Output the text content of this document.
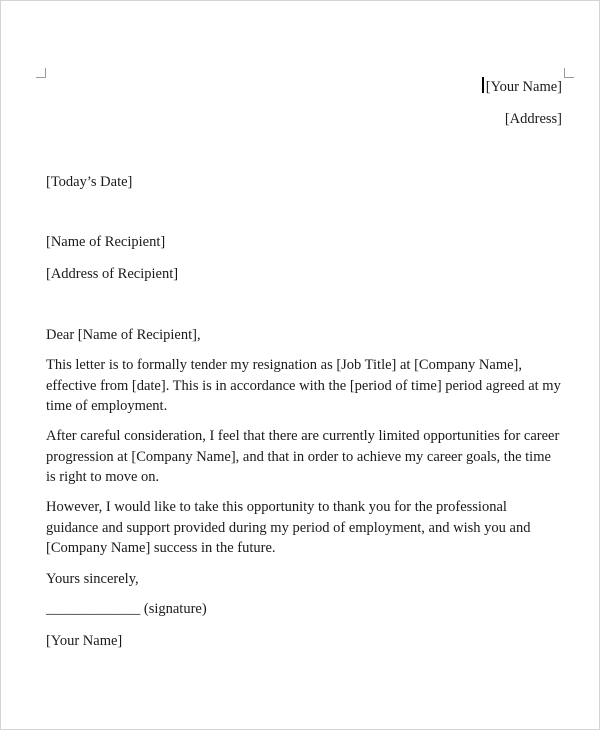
[Your Name]
[Address]
[Today’s Date]
[Name of Recipient]
[Address of Recipient]
Dear [Name of Recipient],
This letter is to formally tender my resignation as [Job Title] at [Company Name], effective from [date]. This is in accordance with the [period of time] period agreed at my time of employment.
After careful consideration, I feel that there are currently limited opportunities for career progression at [Company Name], and that in order to achieve my career goals, the time is right to move on.
However, I would like to take this opportunity to thank you for the professional guidance and support provided during my period of employment, and wish you and [Company Name] success in the future.
Yours sincerely,
_____________ (signature)
[Your Name]
